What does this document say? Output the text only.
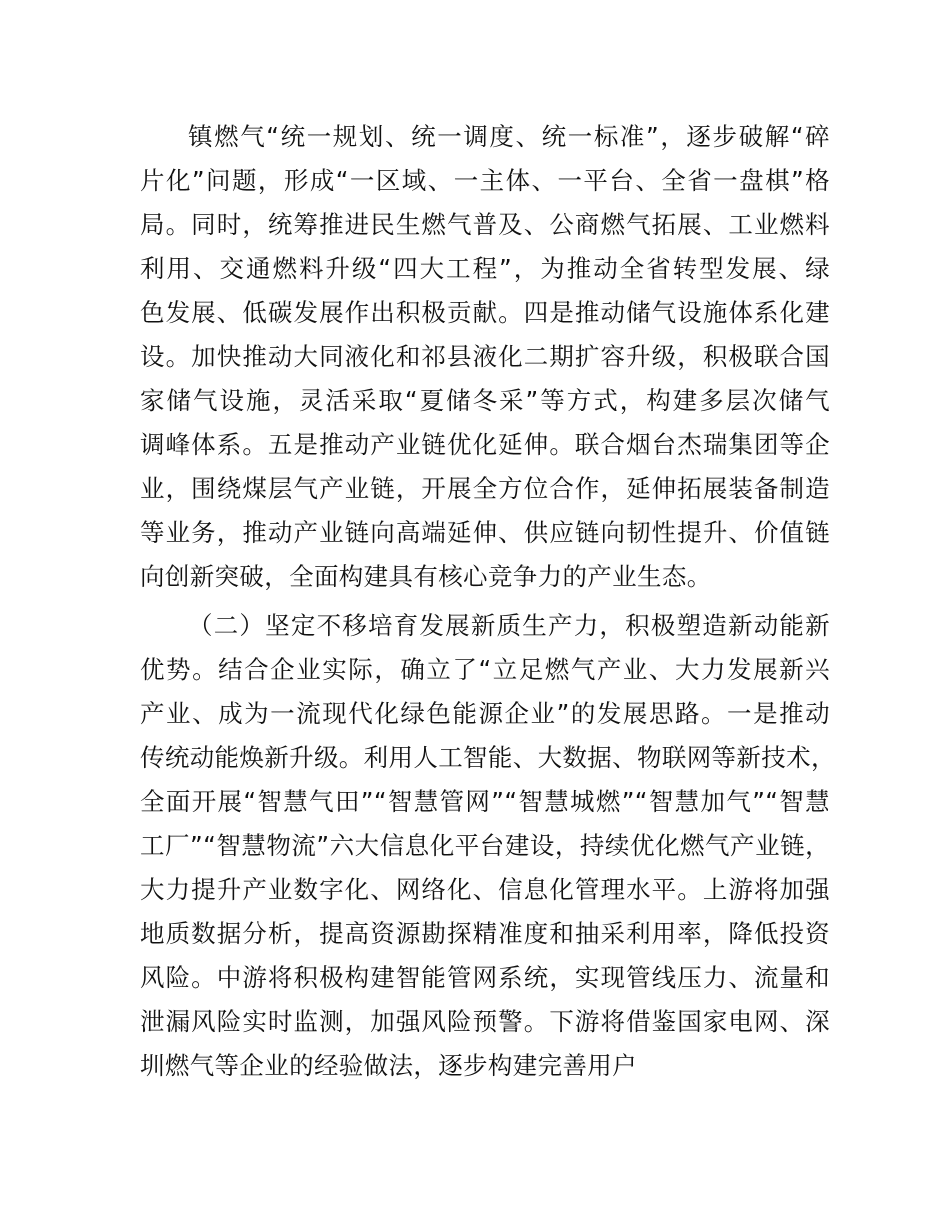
镇燃气“统一规划、统一调度、统一标准”，逐步破解“碎
片化”问题，形成“一区域、一主体、一平台、全省一盘棋”格
局。同时，统筹推进民生燃气普及、公商燃气拓展、工业燃料
利用、交通燃料升级“四大工程”，为推动全省转型发展、绿
色发展、低碳发展作出积极贡献。四是推动储气设施体系化建
设。加快推动大同液化和祁县液化二期扩容升级，积极联合国
家储气设施，灵活采取“夏储冬采”等方式，构建多层次储气
调峰体系。五是推动产业链优化延伸。联合烟台杰瑞集团等企
业，围绕煤层气产业链，开展全方位合作，延伸拓展装备制造
等业务，推动产业链向高端延伸、供应链向韧性提升、价值链
向创新突破，全面构建具有核心竞争力的产业生态。
（二）坚定不移培育发展新质生产力，积极塑造新动能新
优势。结合企业实际，确立了“立足燃气产业、大力发展新兴
产业、成为一流现代化绿色能源企业”的发展思路。一是推动
传统动能焕新升级。利用人工智能、大数据、物联网等新技术，
全面开展“智慧气田”“智慧管网”“智慧城燃”“智慧加气”“智慧
工厂”“智慧物流”六大信息化平台建设，持续优化燃气产业链，
大力提升产业数字化、网络化、信息化管理水平。上游将加强
地质数据分析，提高资源勘探精准度和抽采利用率，降低投资
风险。中游将积极构建智能管网系统，实现管线压力、流量和
泄漏风险实时监测，加强风险预警。下游将借鉴国家电网、深
圳燃气等企业的经验做法，逐步构建完善用户
